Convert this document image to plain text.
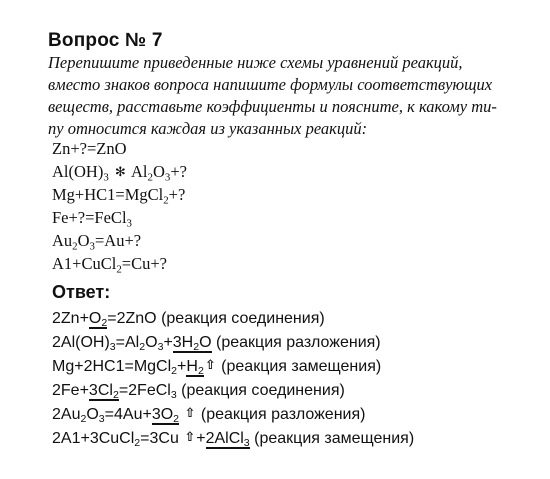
Вопрос № 7
Перепишите приведенные ниже схемы уравнений реакций,
вместо знаков вопроса напишите формулы соответствующих
веществ, расставьте коэффициенты и поясните, к какому ти-
пу относится каждая из указанных реакций:
Zn+?=ZnO
$Al(OH)_3$ ✻ $Al_2O_3+$?
Mg+HC1=MgCl$_2$+?
Fe+?=FeCl$_3$
$Au_2O_3=Au+$?
A1+CuCl$_2$=Cu+?
Ответ:
$2Zn+O_2=2ZnO$ (реакция соединения)
$2Al(OH)_3=Al_2O_3+3H_2O$ (реакция разложения)
$Mg+2HC1=MgCl_2+H_2⇧$ (реакция замещения)
$2Fe+3Cl_2=2FeCl_3$ (реакция соединения)
$2Au_2O_3=4Au+3O_2$ ⇧ (реакция разложения)
2A1+3CuCl$_2$=3Cu ⇧+2AlCl$_3$ (реакция замещения)
